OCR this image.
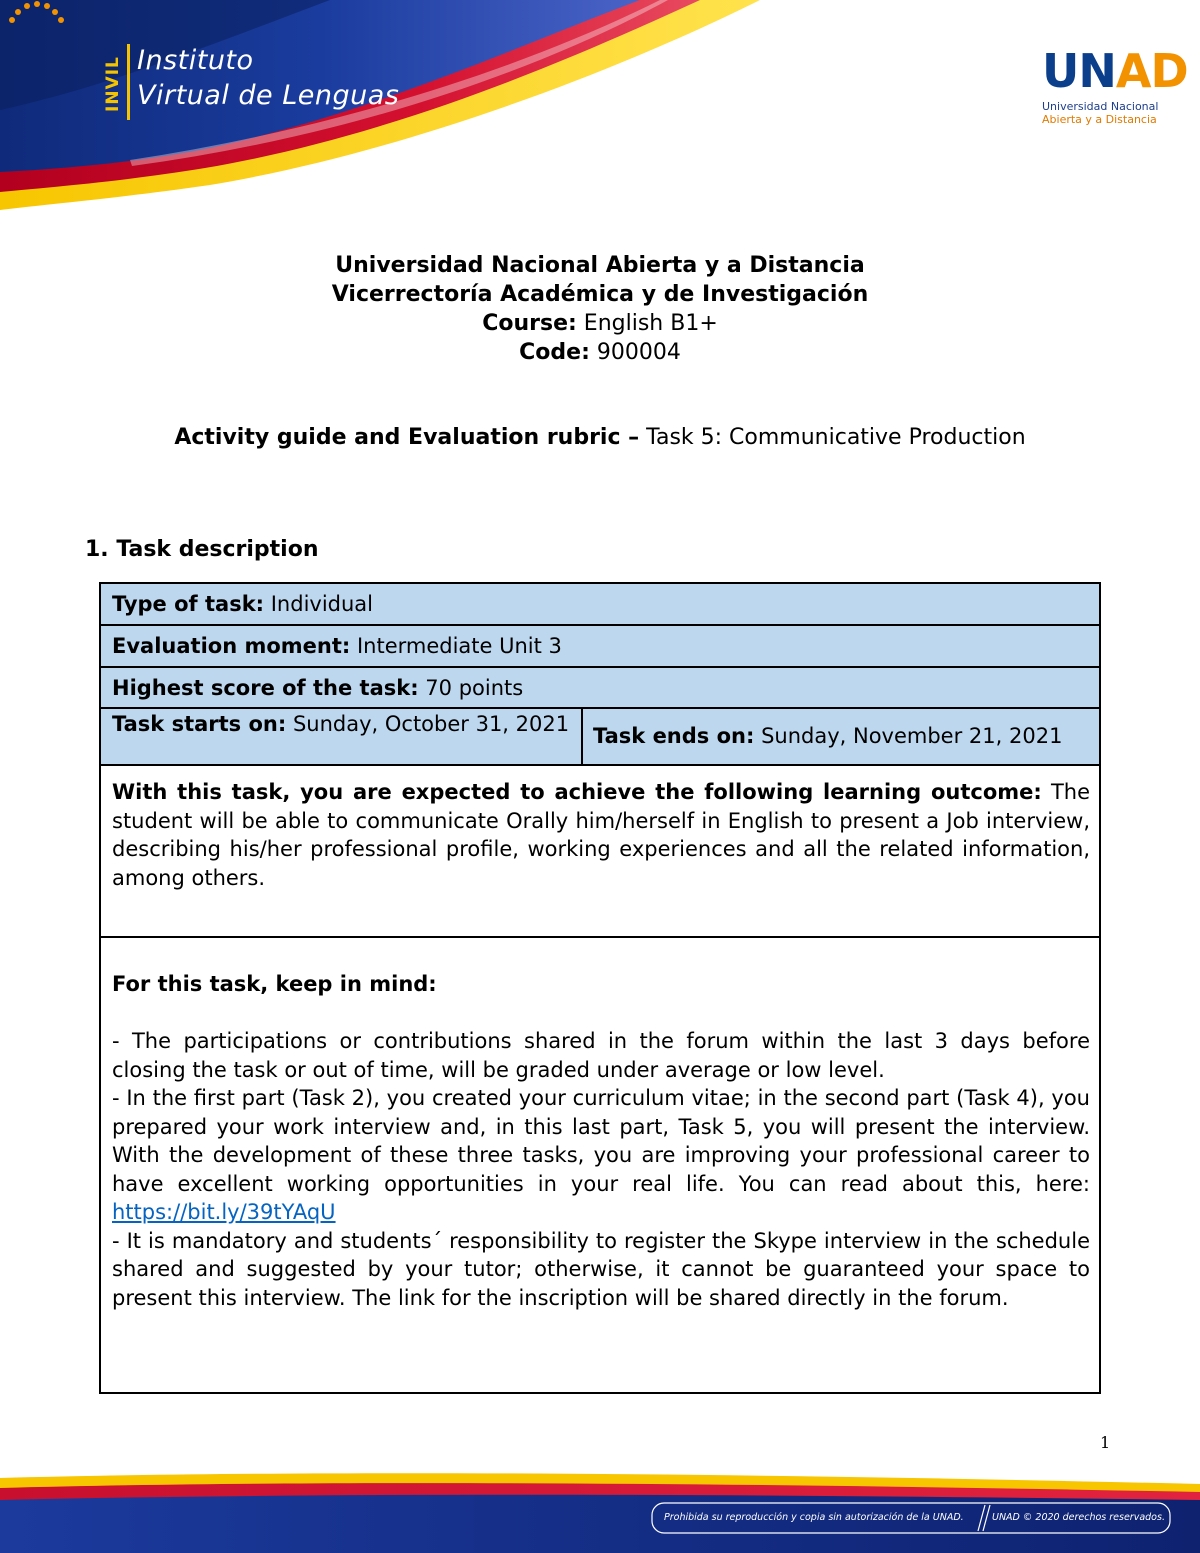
INVIL Instituto
Virtual de Lenguas	UNAD
Universidad Nacional
Abierta y a Distancia
Universidad Nacional Abierta y a Distancia
Vicerrectoría Académica y de Investigación
Course: English B1+
Code: 900004
Activity guide and Evaluation rubric – Task 5: Communicative Production
1. Task description
Type of task: Individual
Evaluation moment: Intermediate Unit 3
Highest score of the task: 70 points
Task starts on: Sunday, October 31, 2021 Task ends on: Sunday, November 21, 2021
With this task, you are expected to achieve the following learning outcome: The student will be able to communicate Orally him/herself in English to present a Job interview, describing his/her professional profile, working experiences and all the related information, among others.
For this task, keep in mind:
- The participations or contributions shared in the forum within the last 3 days before closing the task or out of time, will be graded under average or low level.
- In the first part (Task 2), you created your curriculum vitae; in the second part (Task 4), you prepared your work interview and, in this last part, Task 5, you will present the interview. With the development of these three tasks, you are improving your professional career to have excellent working opportunities in your real life. You can read about this, here: https://bit.ly/39tYAqU
- It is mandatory and students´ responsibility to register the Skype interview in the schedule shared and suggested by your tutor; otherwise, it cannot be guaranteed your space to present this interview. The link for the inscription will be shared directly in the forum.
1
Prohibida su reproducción y copia sin autorización de la UNAD.	UNAD © 2020 derechos reservados.
